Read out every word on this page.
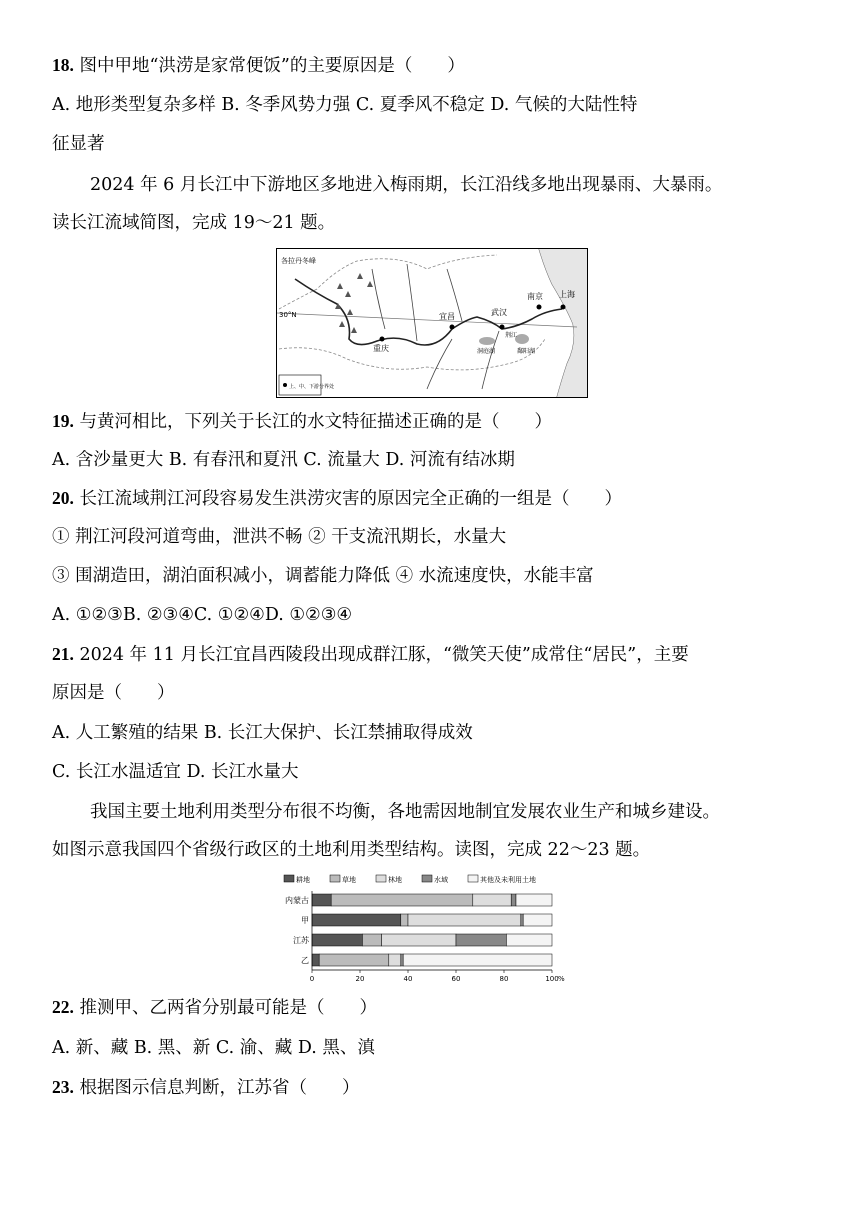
18. 图中甲地“洪涝是家常便饭”的主要原因是（　　）
A. 地形类型复杂多样 B. 冬季风势力强 C. 夏季风不稳定 D. 气候的大陆性特
征显著
2024 年 6 月长江中下游地区多地进入梅雨期，长江沿线多地出现暴雨、大暴雨。
读长江流域简图，完成 19～21 题。
各拉丹冬峰
30°N
重庆
宜昌	武汉
南京 上海
洞庭湖	鄱阳湖
荆江
上、中、下游分界处
19. 与黄河相比，下列关于长江的水文特征描述正确的是（　　）
A. 含沙量更大 B. 有春汛和夏汛 C. 流量大 D. 河流有结冰期
20. 长江流域荆江河段容易发生洪涝灾害的原因完全正确的一组是（　　）
① 荆江河段河道弯曲，泄洪不畅 ② 干支流汛期长，水量大
③ 围湖造田，湖泊面积减小，调蓄能力降低 ④ 水流速度快，水能丰富
A. ①②③B. ②③④C. ①②④D. ①②③④
21. 2024 年 11 月长江宜昌西陵段出现成群江豚，“微笑天使”成常住“居民”，主要
原因是（　　）
A. 人工繁殖的结果 B. 长江大保护、长江禁捕取得成效
C. 长江水温适宜 D. 长江水量大
我国主要土地利用类型分布很不均衡，各地需因地制宜发展农业生产和城乡建设。
如图示意我国四个省级行政区的土地利用类型结构。读图，完成 22～23 题。
耕地	草地	林地	水域	其他及未利用土地
内蒙古
甲
江苏
乙
0	20	40	60	80	100 %
22. 推测甲、乙两省分别最可能是（　　）
A. 新、藏 B. 黑、新 C. 渝、藏 D. 黑、滇
23. 根据图示信息判断，江苏省（　　）
